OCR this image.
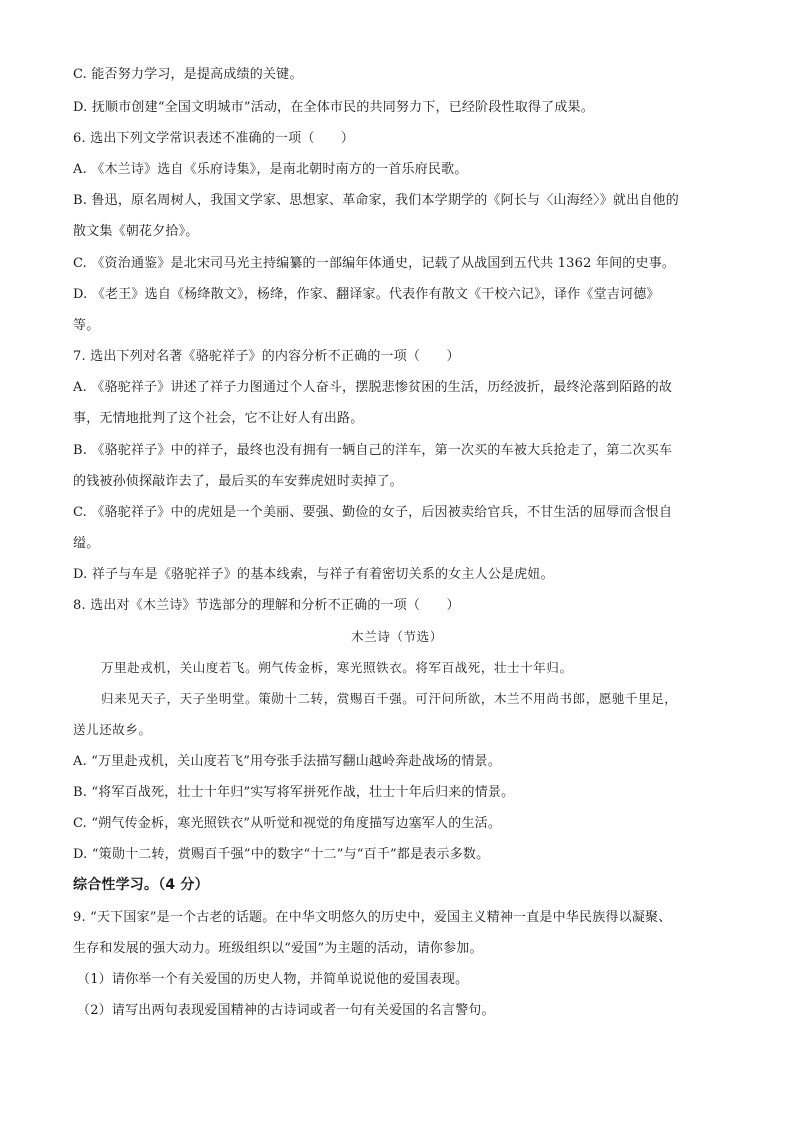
C. 能否努力学习，是提高成绩的关键。
D. 抚顺市创建“全国文明城市”活动，在全体市民的共同努力下，已经阶段性取得了成果。
6. 选出下列文学常识表述不准确的一项（　　）
A. 《木兰诗》选自《乐府诗集》，是南北朝时南方的一首乐府民歌。
B. 鲁迅，原名周树人，我国文学家、思想家、革命家，我们本学期学的《阿长与〈山海经〉》就出自他的
散文集《朝花夕拾》。
C. 《资治通鉴》是北宋司马光主持编纂的一部编年体通史，记载了从战国到五代共 1362 年间的史事。
D. 《老王》选自《杨绛散文》，杨绛，作家、翻译家。代表作有散文《干校六记》，译作《堂吉诃德》
等。
7. 选出下列对名著《骆驼祥子》的内容分析不正确的一项（　　）
A. 《骆驼祥子》讲述了祥子力图通过个人奋斗，摆脱悲惨贫困的生活，历经波折，最终沦落到陌路的故
事，无情地批判了这个社会，它不让好人有出路。
B. 《骆驼祥子》中的祥子，最终也没有拥有一辆自己的洋车，第一次买的车被大兵抢走了，第二次买车
的钱被孙侦探敲诈去了，最后买的车安葬虎妞时卖掉了。
C. 《骆驼祥子》中的虎妞是一个美丽、要强、勤俭的女子，后因被卖给官兵，不甘生活的屈辱而含恨自
缢。
D. 祥子与车是《骆驼祥子》的基本线索，与祥子有着密切关系的女主人公是虎妞。
8. 选出对《木兰诗》节选部分的理解和分析不正确的一项（　　）
木兰诗（节选）
万里赴戎机，关山度若飞。朔气传金柝，寒光照铁衣。将军百战死，壮士十年归。
归来见天子，天子坐明堂。策勋十二转，赏赐百千强。可汗问所欲，木兰不用尚书郎，愿驰千里足，
送儿还故乡。
A. “万里赴戎机，关山度若飞”用夸张手法描写翻山越岭奔赴战场的情景。
B. “将军百战死，壮士十年归”实写将军拼死作战，壮士十年后归来的情景。
C. “朔气传金柝，寒光照铁衣”从听觉和视觉的角度描写边塞军人的生活。
D. “策勋十二转，赏赐百千强”中的数字“十二”与“百千”都是表示多数。
综合性学习。（4 分）
9. “天下国家”是一个古老的话题。在中华文明悠久的历史中，爱国主义精神一直是中华民族得以凝聚、
生存和发展的强大动力。班级组织以“爱国”为主题的活动，请你参加。
（1）请你举一个有关爱国的历史人物，并简单说说他的爱国表现。
（2）请写出两句表现爱国精神的古诗词或者一句有关爱国的名言警句。
